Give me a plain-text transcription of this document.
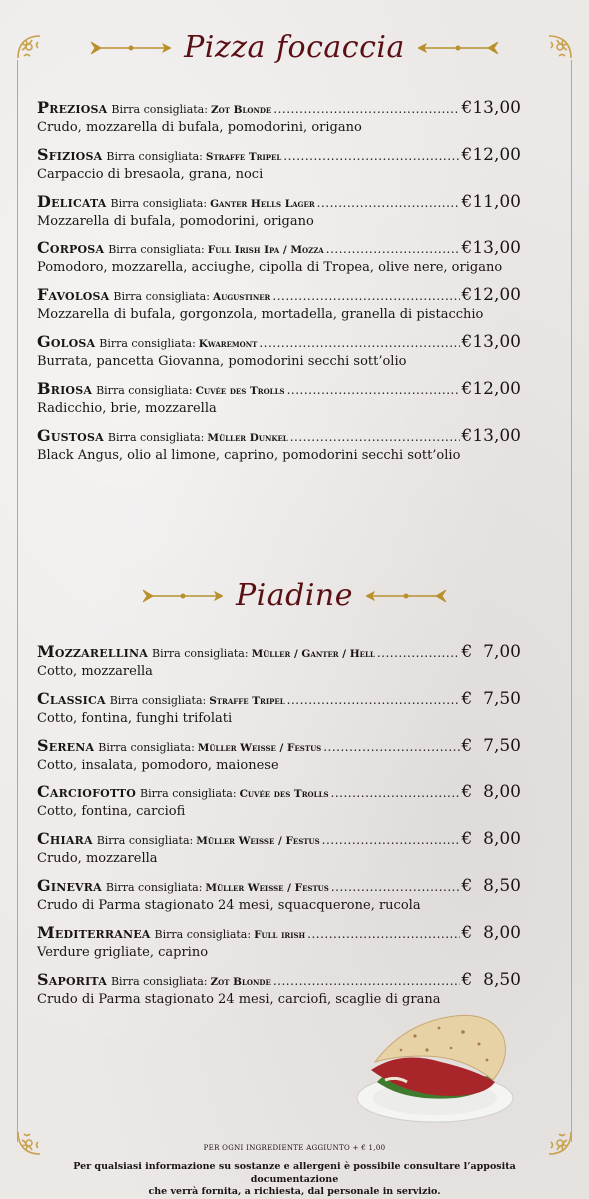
Pizza focaccia
Preziosa Birra consigliata: Zot Blonde .....	€13,00
Crudo, mozzarella di bufala, pomodorini, origano
Sfiziosa Birra consigliata: Straffe Tripel .....	€12,00
Carpaccio di bresaola, grana, noci
Delicata Birra consigliata: Ganter Hells Lager .....	€11,00
Mozzarella di bufala, pomodorini, origano
Corposa Birra consigliata: Full Irish Ipa / Mozza .....	€13,00
Pomodoro, mozzarella, acciughe, cipolla di Tropea, olive nere, origano
Favolosa Birra consigliata: Augustiner .....	€12,00
Mozzarella di bufala, gorgonzola, mortadella, granella di pistacchio
Golosa Birra consigliata: Kwaremont .....	€13,00
Burrata, pancetta Giovanna, pomodorini secchi sott’olio
Briosa Birra consigliata: Cuvée des Trolls .....	€12,00
Radicchio, brie, mozzarella
Gustosa Birra consigliata: Müller Dunkel .....	€13,00
Black Angus, olio al limone, caprino, pomodorini secchi sott’olio
Piadine
Mozzarellina Birra consigliata: Müller / Ganter / Hell .....	€  7,00
Cotto, mozzarella
Classica Birra consigliata: Straffe Tripel .....	€  7,50
Cotto, fontina, funghi trifolati
Serena Birra consigliata: Müller Weisse / Festus .....	€  7,50
Cotto, insalata, pomodoro, maionese
Carciofotto Birra consigliata: Cuvée des Trolls .....	€  8,00
Cotto, fontina, carciofi
Chiara Birra consigliata: Müller Weisse / Festus .....	€  8,00
Crudo, mozzarella
Ginevra Birra consigliata: Müller Weisse / Festus .....	€  8,50
Crudo di Parma stagionato 24 mesi, squacquerone, rucola
Mediterranea Birra consigliata: Full irish .....	€  8,00
Verdure grigliate, caprino
Saporita Birra consigliata: Zot Blonde .....	€  8,50
Crudo di Parma stagionato 24 mesi, carciofi, scaglie di grana
PER OGNI INGREDIENTE AGGIUNTO + € 1,00
Per qualsiasi informazione su sostanze e allergeni è possibile consultare l’apposita documentazione
che verrà fornita, a richiesta, dal personale in servizio.
